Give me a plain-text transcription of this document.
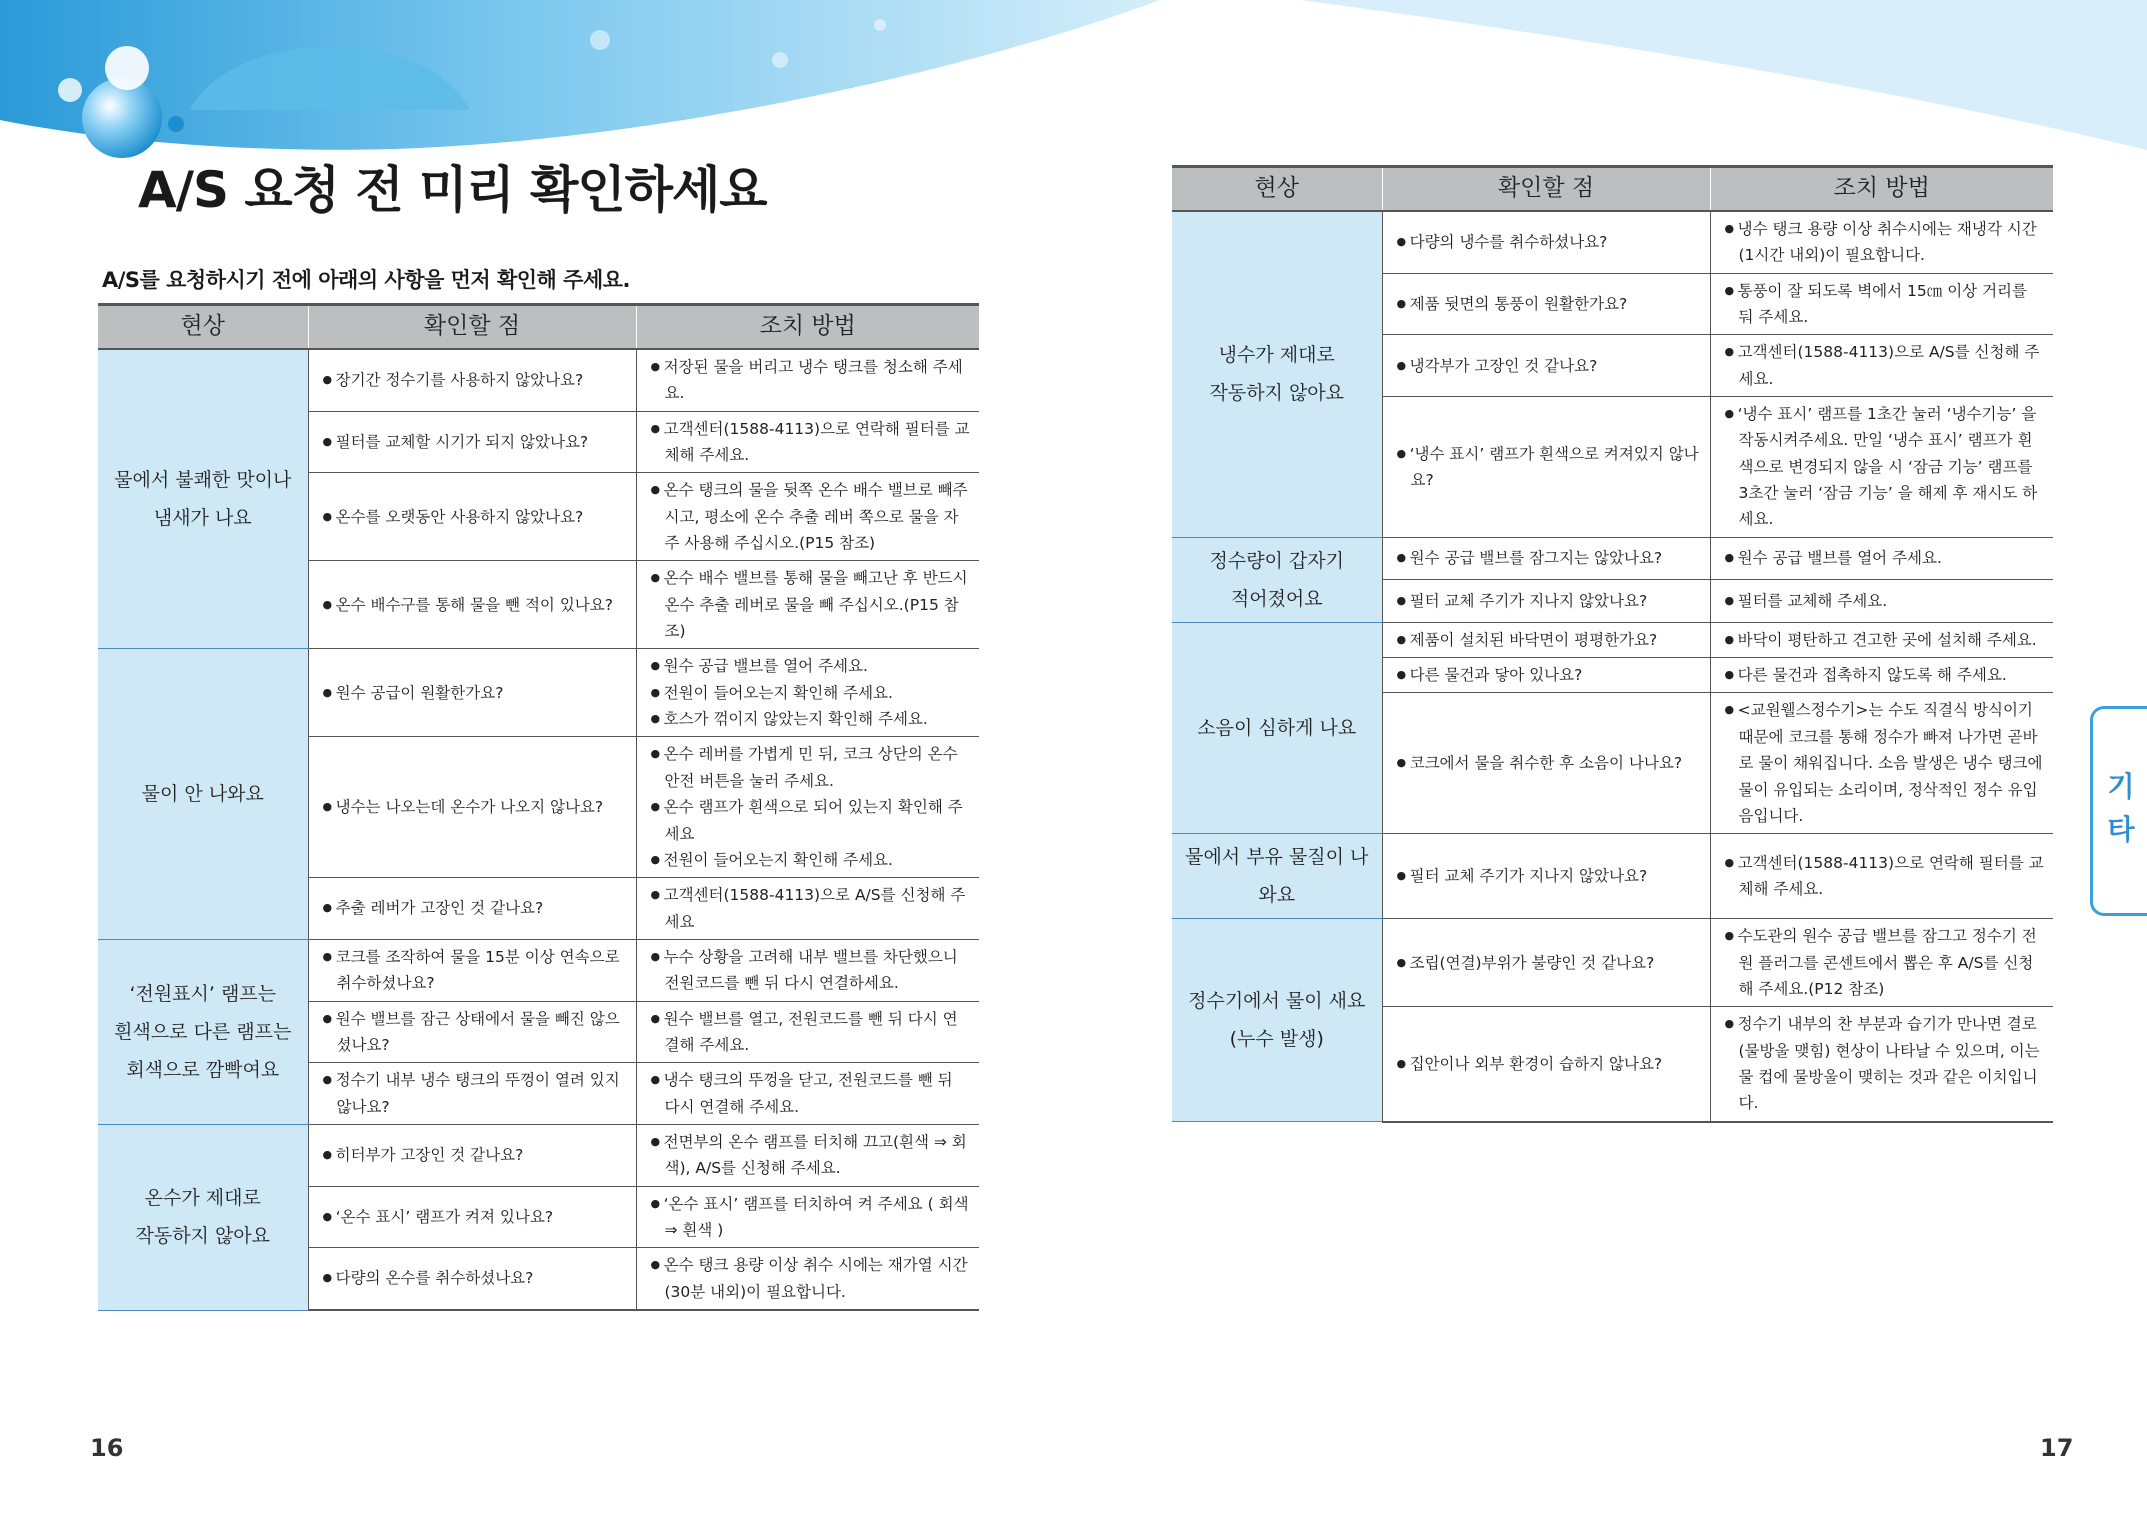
A/S 요청 전 미리 확인하세요
A/S를 요청하시기 전에 아래의 사항을 먼저 확인해 주세요.
현상	확인할 점	조치 방법
물에서 불쾌한 맛이나
냄새가 나요	● 장기간 정수기를 사용하지 않았나요?	● 저장된 물을 버리고 냉수 탱크를 청소해 주세요.

	● 필터를 교체할 시기가 되지 않았나요?	● 고객센터(1588-4113)으로 연락해 필터를 교체해 주세요.

	● 온수를 오랫동안 사용하지 않았나요?	● 온수 탱크의 물을 뒷쪽 온수 배수 밸브로 빼주시고, 평소에 온수 추출 레버 쪽으로 물을 자주 사용해 주십시오.(P15 참조)

	● 온수 배수구를 통해 물을 뺀 적이 있나요?	● 온수 배수 밸브를 통해 물을 빼고난 후 반드시 온수 추출 레버로 물을 빼 주십시오.(P15 참조)

물이 안 나와요	● 원수 공급이 원활한가요?	● 원수 공급 밸브를 열어 주세요.
● 전원이 들어오는지 확인해 주세요.
● 호스가 꺾이지 않았는지 확인해 주세요.

	● 냉수는 나오는데 온수가 나오지 않나요?	● 온수 레버를 가볍게 민 뒤, 코크 상단의 온수 안전 버튼을 눌러 주세요.
● 온수 램프가 흰색으로 되어 있는지 확인해 주세요
● 전원이 들어오는지 확인해 주세요.

	● 추출 레버가 고장인 것 같나요?	● 고객센터(1588-4113)으로 A/S를 신청해 주세요

‘전원표시’ 램프는
흰색으로 다른 램프는
회색으로 깜빡여요	● 코크를 조작하여 물을 15분 이상 연속으로 취수하셨나요?	● 누수 상황을 고려해 내부 밸브를 차단했으니 전원코드를 뺀 뒤 다시 연결하세요.

	● 원수 밸브를 잠근 상태에서 물을 빼진 않으셨나요?	● 원수 밸브를 열고, 전원코드를 뺀 뒤 다시 연결해 주세요.

	● 정수기 내부 냉수 탱크의 뚜껑이 열려 있지 않나요?	● 냉수 탱크의 뚜껑을 닫고, 전원코드를 뺀 뒤 다시 연결해 주세요.

온수가 제대로
작동하지 않아요	● 히터부가 고장인 것 같나요?	● 전면부의 온수 램프를 터치해 끄고(흰색 ⇒ 회색), A/S를 신청해 주세요.

	● ‘온수 표시’ 램프가 켜져 있나요?	● ‘온수 표시’ 램프를 터치하여 켜 주세요 ( 회색 ⇒ 흰색 )

	● 다량의 온수를 취수하셨나요?	● 온수 탱크 용량 이상 취수 시에는 재가열 시간(30분 내외)이 필요합니다.
현상	확인할 점	조치 방법
냉수가 제대로
작동하지 않아요	● 다량의 냉수를 취수하셨나요?	● 냉수 탱크 용량 이상 취수시에는 재냉각 시간 (1시간 내외)이 필요합니다.

	● 제품 뒷면의 통풍이 원활한가요?	● 통풍이 잘 되도록 벽에서 15㎝ 이상 거리를 둬 주세요.

	● 냉각부가 고장인 것 같나요?	● 고객센터(1588-4113)으로 A/S를 신청해 주세요.

	● ‘냉수 표시’ 램프가 흰색으로 켜져있지 않나요?	● ‘냉수 표시’ 램프를 1초간 눌러 ‘냉수기능’ 을 작동시켜주세요. 만일 ‘냉수 표시’ 램프가 흰색으로 변경되지 않을 시 ‘잠금 기능’ 램프를 3초간 눌러 ‘잠금 기능’ 을 해제 후 재시도 하세요.

정수량이 갑자기
적어졌어요	● 원수 공급 밸브를 잠그지는 않았나요?	● 원수 공급 밸브를 열어 주세요.

	● 필터 교체 주기가 지나지 않았나요?	● 필터를 교체해 주세요.

소음이 심하게 나요	● 제품이 설치된 바닥면이 평평한가요?	● 바닥이 평탄하고 견고한 곳에 설치해 주세요.

	● 다른 물건과 닿아 있나요?	● 다른 물건과 접촉하지 않도록 해 주세요.

	● 코크에서 물을 취수한 후 소음이 나나요?	● <교원웰스정수기>는 수도 직결식 방식이기 때문에 코크를 통해 정수가 빠져 나가면 곧바로 물이 채워집니다. 소음 발생은 냉수 탱크에 물이 유입되는 소리이며, 정삭적인 정수 유입음입니다.

물에서 부유 물질이 나와요	● 필터 교체 주기가 지나지 않았나요?	● 고객센터(1588-4113)으로 연락해 필터를 교체해 주세요.

정수기에서 물이 새요
(누수 발생)	● 조립(연결)부위가 불량인 것 같나요?	● 수도관의 원수 공급 밸브를 잠그고 정수기 전원 플러그를 콘센트에서 뽑은 후 A/S를 신청해 주세요.(P12 참조)

	● 집안이나 외부 환경이 습하지 않나요?	● 정수기 내부의 찬 부분과 습기가 만나면 결로(물방울 맺힘) 현상이 나타날 수 있으며, 이는 물 컵에 물방울이 맺히는 것과 같은 이치입니다.
16	17
기
타
